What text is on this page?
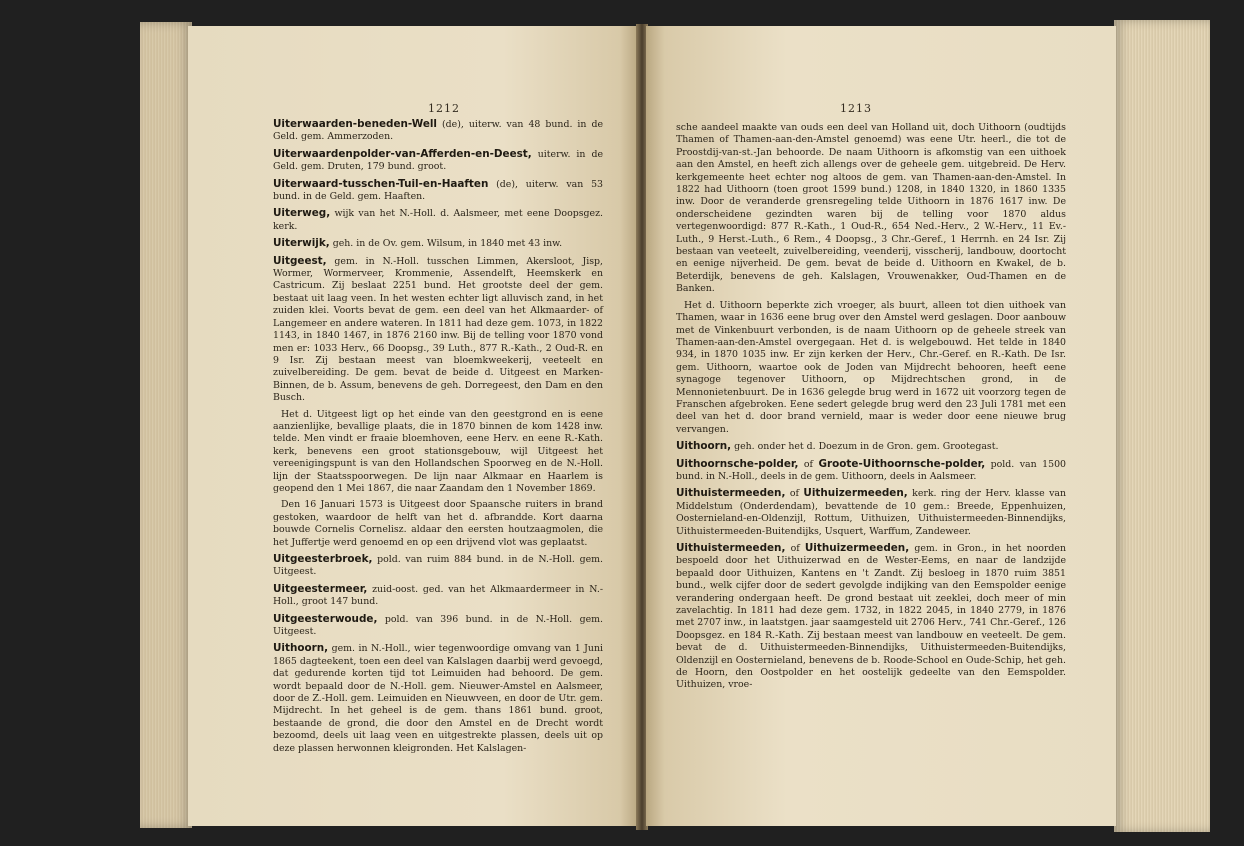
1212

Uiterwaarden-beneden-Well (de), uiterw. van 48 bund. in de Geld. gem. Ammerzoden.

Uiterwaardenpolder-van-Afferden-en-Deest, uiterw. in de Geld. gem. Druten, 179 bund. groot.

Uiterwaard-tusschen-Tuil-en-Haaften (de), uiterw. van 53 bund. in de Geld. gem. Haaften.

Uiterweg, wijk van het N.-Holl. d. Aalsmeer, met eene Doopsgez. kerk.

Uiterwijk, geh. in de Ov. gem. Wilsum, in 1840 met 43 inw.

Uitgeest, gem. in N.-Holl. tusschen Limmen, Akersloot, Jisp, Wormer, Wormerveer, Krommenie, Assendelft, Heemskerk en Castricum. Zij beslaat 2251 bund. Het grootste deel der gem. bestaat uit laag veen. In het westen echter ligt alluvisch zand, in het zuiden klei. Voorts bevat de gem. een deel van het Alkmaarder- of Langemeer en andere wateren. In 1811 had deze gem. 1073, in 1822 1143, in 1840 1467, in 1876 2160 inw. Bij de telling voor 1870 vond men er: 1033 Herv., 66 Doopsg., 39 Luth., 877 R.-Kath., 2 Oud-R. en 9 Isr. Zij bestaan meest van bloemkweekerij, veeteelt en zuivelbereiding. De gem. bevat de beide d. Uitgeest en Marken-Binnen, de b. Assum, benevens de geh. Dorregeest, den Dam en den Busch.

Het d. Uitgeest ligt op het einde van den geestgrond en is eene aanzienlijke, bevallige plaats, die in 1870 binnen de kom 1428 inw. telde. Men vindt er fraaie bloemhoven, eene Herv. en eene R.-Kath. kerk, benevens een groot stationsgebouw, wijl Uitgeest het vereenigingspunt is van den Hollandschen Spoorweg en de N.-Holl. lijn der Staatsspoorwegen. De lijn naar Alkmaar en Haarlem is geopend den 1 Mei 1867, die naar Zaandam den 1 November 1869.

Den 16 Januari 1573 is Uitgeest door Spaansche ruiters in brand gestoken, waardoor de helft van het d. afbrandde. Kort daarna bouwde Cornelis Cornelisz. aldaar den eersten houtzaagmolen, die het Juffertje werd genoemd en op een drijvend vlot was geplaatst.

Uitgeesterbroek, pold. van ruim 884 bund. in de N.-Holl. gem. Uitgeest.

Uitgeestermeer, zuid-oost. ged. van het Alkmaardermeer in N.-Holl., groot 147 bund.

Uitgeesterwoude, pold. van 396 bund. in de N.-Holl. gem. Uitgeest.

Uithoorn, gem. in N.-Holl., wier tegenwoordige omvang van 1 Juni 1865 dagteekent, toen een deel van Kalslagen daarbij werd gevoegd, dat gedurende korten tijd tot Leimuiden had behoord. De gem. wordt bepaald door de N.-Holl. gem. Nieuwer-Amstel en Aalsmeer, door de Z.-Holl. gem. Leimuiden en Nieuwveen, en door de Utr. gem. Mijdrecht. In het geheel is de gem. thans 1861 bund. groot, bestaande de grond, die door den Amstel en de Drecht wordt bezoomd, deels uit laag veen en uitgestrekte plassen, deels uit op deze plassen herwonnen kleigronden. Het Kalslagen-

1213

sche aandeel maakte van ouds een deel van Holland uit, doch Uithoorn (oudtijds Thamen of Thamen-aan-den-Amstel genoemd) was eene Utr. heerl., die tot de Proostdij-van-st.-Jan behoorde. De naam Uithoorn is afkomstig van een uithoek aan den Amstel, en heeft zich allengs over de geheele gem. uitgebreid. De Herv. kerkgemeente heet echter nog altoos de gem. van Thamen-aan-den-Amstel. In 1822 had Uithoorn (toen groot 1599 bund.) 1208, in 1840 1320, in 1860 1335 inw. Door de veranderde grensregeling telde Uithoorn in 1876 1617 inw. De onderscheidene gezindten waren bij de telling voor 1870 aldus vertegenwoordigd: 877 R.-Kath., 1 Oud-R., 654 Ned.-Herv., 2 W.-Herv., 11 Ev.-Luth., 9 Herst.-Luth., 6 Rem., 4 Doopsg., 3 Chr.-Geref., 1 Herrnh. en 24 Isr. Zij bestaan van veeteelt, zuivelbereiding, veenderij, visscherij, landbouw, doortocht en eenige nijverheid. De gem. bevat de beide d. Uithoorn en Kwakel, de b. Beterdijk, benevens de geh. Kalslagen, Vrouwenakker, Oud-Thamen en de Banken.

Het d. Uithoorn beperkte zich vroeger, als buurt, alleen tot dien uithoek van Thamen, waar in 1636 eene brug over den Amstel werd geslagen. Door aanbouw met de Vinkenbuurt verbonden, is de naam Uithoorn op de geheele streek van Thamen-aan-den-Amstel overgegaan. Het d. is welgebouwd. Het telde in 1840 934, in 1870 1035 inw. Er zijn kerken der Herv., Chr.-Geref. en R.-Kath. De Isr. gem. Uithoorn, waartoe ook de Joden van Mijdrecht behooren, heeft eene synagoge tegenover Uithoorn, op Mijdrechtschen grond, in de Mennonietenbuurt. De in 1636 gelegde brug werd in 1672 uit voorzorg tegen de Franschen afgebroken. Eene sedert gelegde brug werd den 23 Juli 1781 met een deel van het d. door brand vernield, maar is weder door eene nieuwe brug vervangen.

Uithoorn, geh. onder het d. Doezum in de Gron. gem. Grootegast.

Uithoornsche-polder, of Groote-Uithoornsche-polder, pold. van 1500 bund. in N.-Holl., deels in de gem. Uithoorn, deels in Aalsmeer.

Uithuistermeeden, of Uithuizermeeden, kerk. ring der Herv. klasse van Middelstum (Onderdendam), bevattende de 10 gem.: Breede, Eppenhuizen, Oosternieland-en-Oldenzijl, Rottum, Uithuizen, Uithuistermeeden-Binnendijks, Uithuistermeeden-Buitendijks, Usquert, Warffum, Zandeweer.

Uithuistermeeden, of Uithuizermeeden, gem. in Gron., in het noorden bespoeld door het Uithuizerwad en de Wester-Eems, en naar de landzijde bepaald door Uithuizen, Kantens en 't Zandt. Zij besloeg in 1870 ruim 3851 bund., welk cijfer door de sedert gevolgde indijking van den Eemspolder eenige verandering ondergaan heeft. De grond bestaat uit zeeklei, doch meer of min zavelachtig. In 1811 had deze gem. 1732, in 1822 2045, in 1840 2779, in 1876 met 2707 inw., in laatstgen. jaar saamgesteld uit 2706 Herv., 741 Chr.-Geref., 126 Doopsgez. en 184 R.-Kath. Zij bestaan meest van landbouw en veeteelt. De gem. bevat de d. Uithuistermeeden-Binnendijks, Uithuistermeeden-Buitendijks, Oldenzijl en Oosternieland, benevens de b. Roode-School en Oude-Schip, het geh. de Hoorn, den Oostpolder en het oostelijk gedeelte van den Eemspolder. Uithuizen, vroe-
